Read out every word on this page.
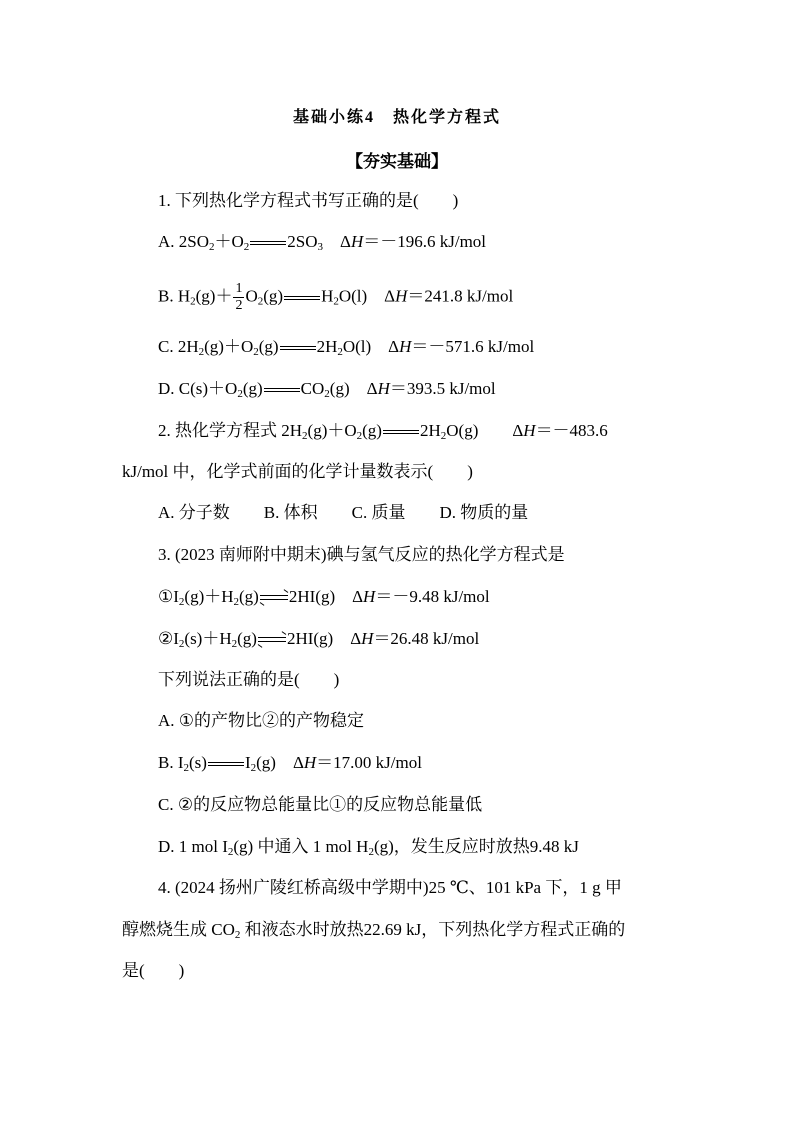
基础小练4　热化学方程式
【夯实基础】
1. 下列热化学方程式书写正确的是(　　)
A. $2SO_2+O_2$ $2SO_3$　ΔH＝－196.6 kJ/mol
B. $H_2(g)+ \frac{1}{2} O_2(g)$ $H_2O(l)$　ΔH＝241.8 kJ/mol
C. $2H_2(g)+O_2(g)$ $2H_2O(l)$　ΔH＝－571.6 kJ/mol
D. $C(s)+O_2(g)$ $CO_2(g)$　ΔH＝393.5 kJ/mol
2. 热化学方程式 $2H_2(g)+O_2(g)$ $2H_2O(g)$　　ΔH＝－483.6
kJ/mol 中，化学式前面的化学计量数表示(　　)
A. 分子数　　B. 体积　　C. 质量　　D. 物质的量
3. (2023 南师附中期末)碘与氢气反应的热化学方程式是
$①I_2(g)+H_2(g)$ 2HI(g)　ΔH＝－9.48 kJ/mol
$②I_2(s)+H_2(g)$ 2HI(g)　ΔH＝26.48 kJ/mol
下列说法正确的是(　　)
A. ①的产物比②的产物稳定
B. $I_2(s)$ $I_2(g)$　ΔH＝17.00 kJ/mol
C. ②的反应物总能量比①的反应物总能量低
D. 1 mol $I_2(g)$ 中通入 1 mol $H_2(g)$，发生反应时放热9.48 kJ
4. (2024 扬州广陵红桥高级中学期中)25 ℃、101 kPa 下，1 g 甲
醇燃烧生成 $CO_2$ 和液态水时放热22.69 kJ，下列热化学方程式正确的
是(　　)
